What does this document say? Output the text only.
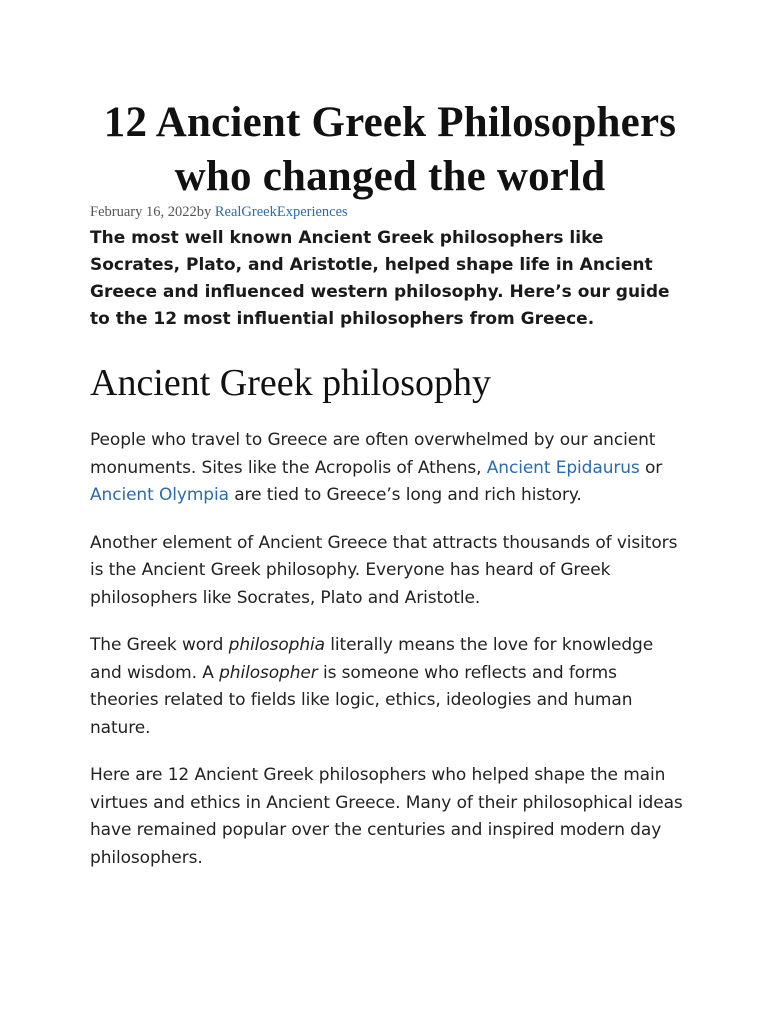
12 Ancient Greek Philosophers who changed the world
February 16, 2022by RealGreekExperiences

The most well known Ancient Greek philosophers like Socrates, Plato, and Aristotle, helped shape life in Ancient Greece and influenced western philosophy. Here’s our guide to the 12 most influential philosophers from Greece.

Ancient Greek philosophy

People who travel to Greece are often overwhelmed by our ancient monuments. Sites like the Acropolis of Athens, Ancient Epidaurus or Ancient Olympia are tied to Greece’s long and rich history.

Another element of Ancient Greece that attracts thousands of visitors is the Ancient Greek philosophy. Everyone has heard of Greek philosophers like Socrates, Plato and Aristotle.

The Greek word philosophia literally means the love for knowledge and wisdom. A philosopher is someone who reflects and forms theories related to fields like logic, ethics, ideologies and human nature.

Here are 12 Ancient Greek philosophers who helped shape the main virtues and ethics in Ancient Greece. Many of their philosophical ideas have remained popular over the centuries and inspired modern day philosophers.
